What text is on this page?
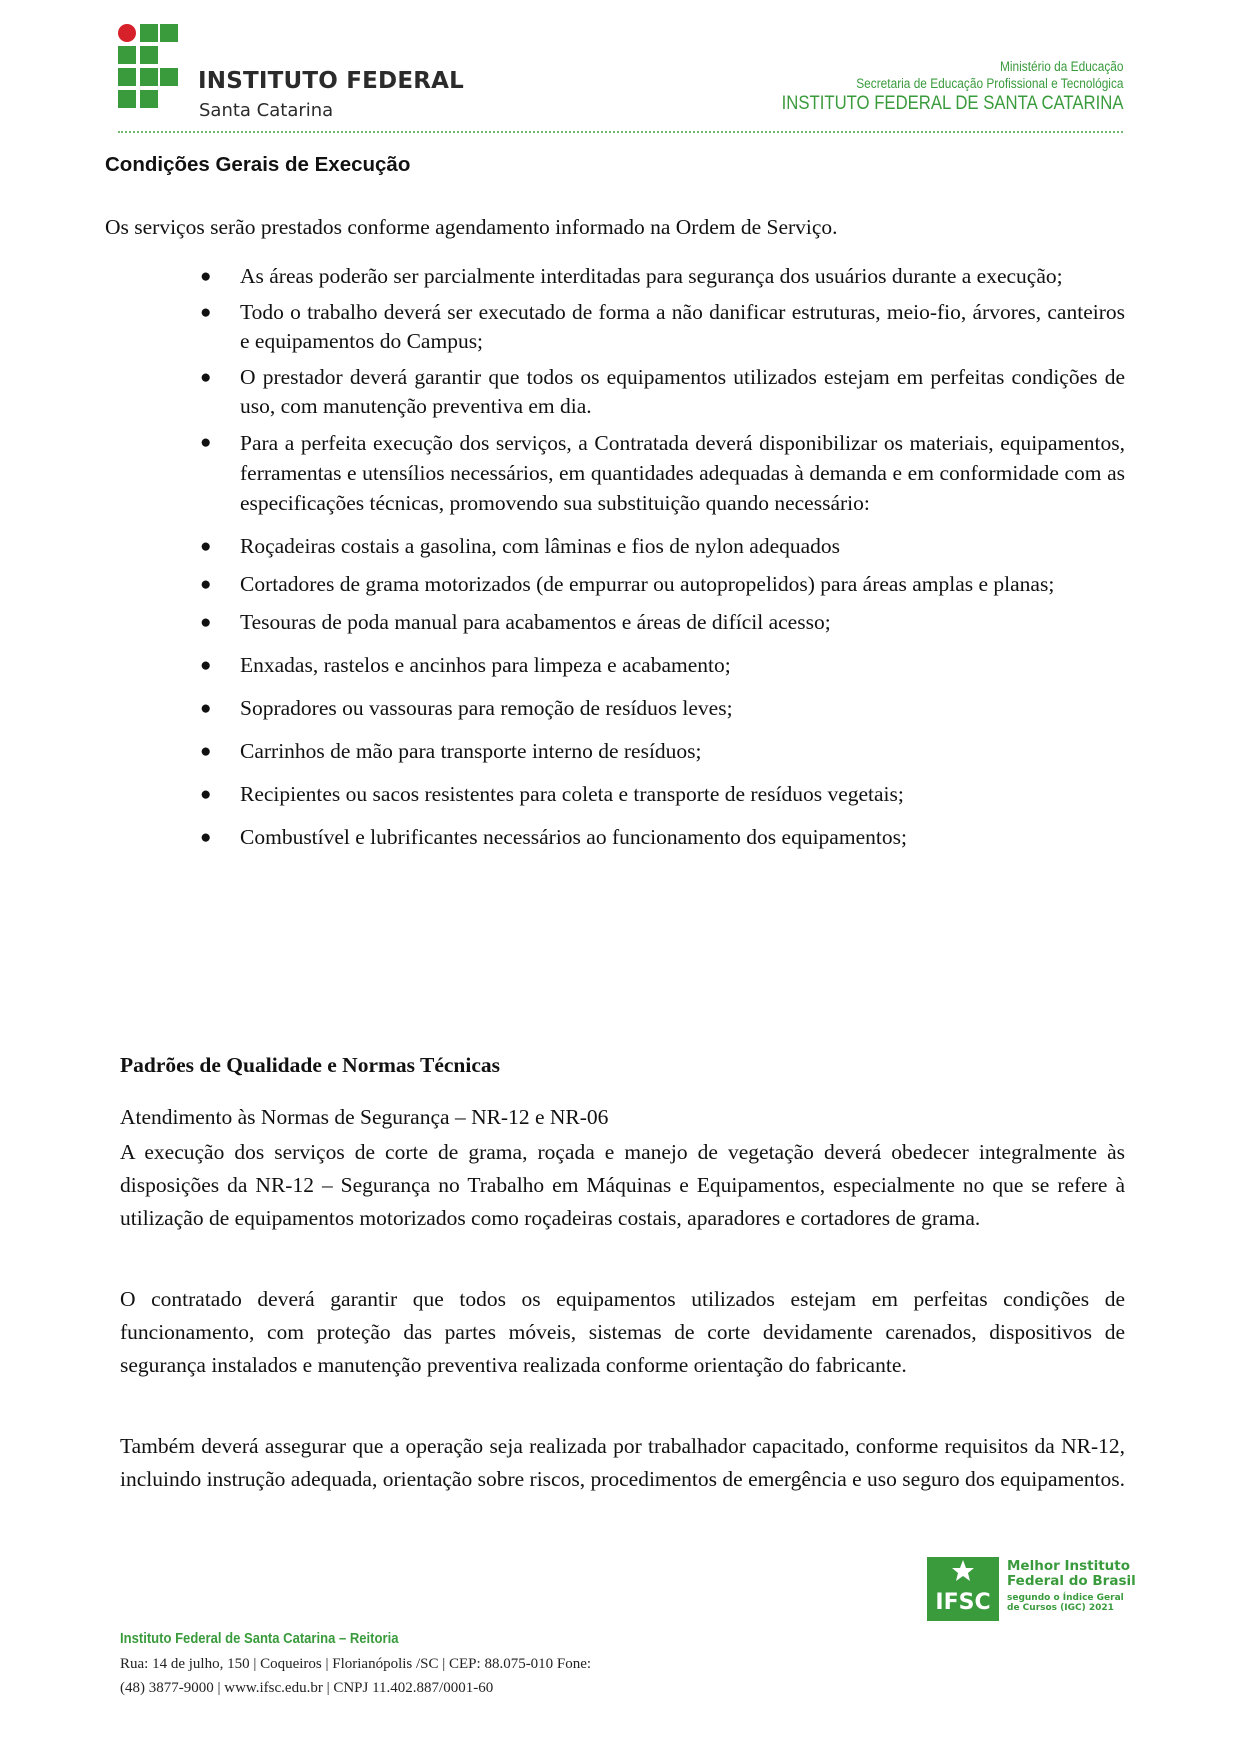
INSTITUTO FEDERAL
Santa Catarina
Ministério da Educação
Secretaria de Educação Profissional e Tecnológica
INSTITUTO FEDERAL DE SANTA CATARINA
Condições Gerais de Execução
Os serviços serão prestados conforme agendamento informado na Ordem de Serviço.
● As áreas poderão ser parcialmente interditadas para segurança dos usuários durante a execução;
● Todo o trabalho deverá ser executado de forma a não danificar estruturas, meio-fio, árvores, canteiros e equipamentos do Campus;
● O prestador deverá garantir que todos os equipamentos utilizados estejam em perfeitas condições de uso, com manutenção preventiva em dia.
● Para a perfeita execução dos serviços, a Contratada deverá disponibilizar os materiais, equipamentos, ferramentas e utensílios necessários, em quantidades adequadas à demanda e em conformidade com as especificações técnicas, promovendo sua substituição quando necessário:
● Roçadeiras costais a gasolina, com lâminas e fios de nylon adequados
● Cortadores de grama motorizados (de empurrar ou autopropelidos) para áreas amplas e planas;
● Tesouras de poda manual para acabamentos e áreas de difícil acesso;
● Enxadas, rastelos e ancinhos para limpeza e acabamento;
● Sopradores ou vassouras para remoção de resíduos leves;
● Carrinhos de mão para transporte interno de resíduos;
● Recipientes ou sacos resistentes para coleta e transporte de resíduos vegetais;
● Combustível e lubrificantes necessários ao funcionamento dos equipamentos;
Padrões de Qualidade e Normas Técnicas
Atendimento às Normas de Segurança – NR-12 e NR-06
A execução dos serviços de corte de grama, roçada e manejo de vegetação deverá obedecer integralmente às disposições da NR-12 – Segurança no Trabalho em Máquinas e Equipamentos, especialmente no que se refere à utilização de equipamentos motorizados como roçadeiras costais, aparadores e cortadores de grama.
O contratado deverá garantir que todos os equipamentos utilizados estejam em perfeitas condições de funcionamento, com proteção das partes móveis, sistemas de corte devidamente carenados, dispositivos de segurança instalados e manutenção preventiva realizada conforme orientação do fabricante.
Também deverá assegurar que a operação seja realizada por trabalhador capacitado, conforme requisitos da NR-12, incluindo instrução adequada, orientação sobre riscos, procedimentos de emergência e uso seguro dos equipamentos.
IFSC
Melhor Instituto
Federal do Brasil
segundo o Índice Geral
de Cursos (IGC) 2021
Instituto Federal de Santa Catarina – Reitoria
Rua: 14 de julho, 150 | Coqueiros | Florianópolis /SC | CEP: 88.075-010 Fone:
(48) 3877-9000 | www.ifsc.edu.br | CNPJ 11.402.887/0001-60
